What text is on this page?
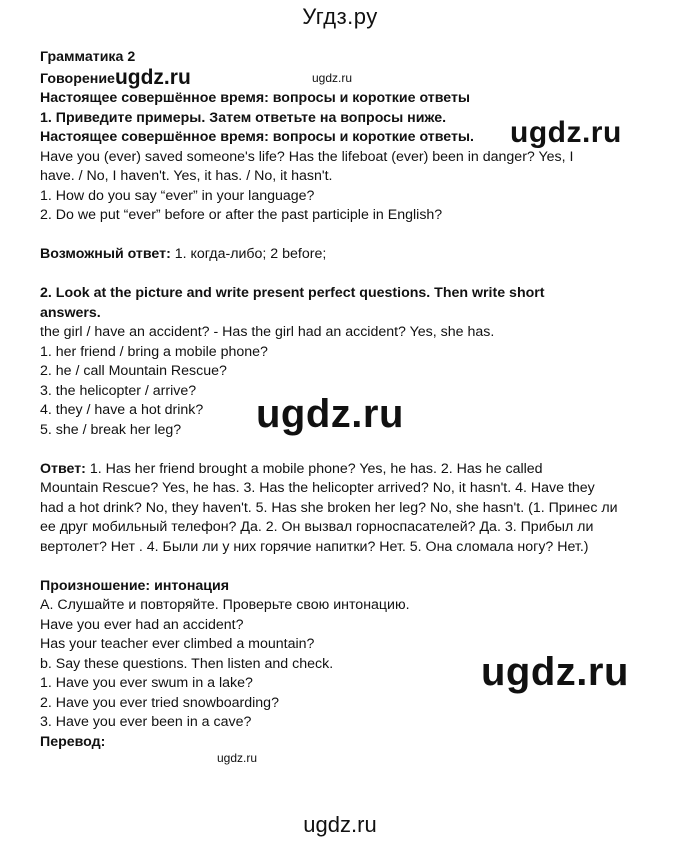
Угдз.ру
Грамматика 2
Говорениеugdz.ru
Настоящее совершённое время: вопросы и короткие ответы
1. Приведите примеры. Затем ответьте на вопросы ниже.
Настоящее совершённое время: вопросы и короткие ответы.
Have you (ever) saved someone's life? Has the lifeboat (ever) been in danger? Yes, I
have. / No, I haven't. Yes, it has. / No, it hasn't.
1. How do you say “ever” in your language?
2. Do we put “ever” before or after the past participle in English?
Возможный ответ: 1. когда-либо; 2 before;
2. Look at the picture and write present perfect questions. Then write short
answers.
the girl / have an accident? - Has the girl had an accident? Yes, she has.
1. her friend / bring a mobile phone?
2. he / call Mountain Rescue?
3. the helicopter / arrive?
4. they / have a hot drink?
5. she / break her leg?
Ответ: 1. Has her friend brought a mobile phone? Yes, he has. 2. Has he called
Mountain Rescue? Yes, he has. 3. Has the helicopter arrived? No, it hasn't. 4. Have they
had a hot drink? No, they haven't. 5. Has she broken her leg? No, she hasn't. (1. Принес ли
ее друг мобильный телефон? Да. 2. Он вызвал горноспасателей? Да. 3. Прибыл ли
вертолет? Нет . 4. Были ли у них горячие напитки? Нет. 5. Она сломала ногу? Нет.)
Произношение: интонация
A. Слушайте и повторяйте. Проверьте свою интонацию.
Have you ever had an accident?
Has your teacher ever climbed a mountain?
b. Say these questions. Then listen and check.
1. Have you ever swum in a lake?
2. Have you ever tried snowboarding?
3. Have you ever been in a cave?
Перевод:
ugdz.ru
ugdz.ru
ugdz.ru
ugdz.ru
ugdz.ru
ugdz.ru
